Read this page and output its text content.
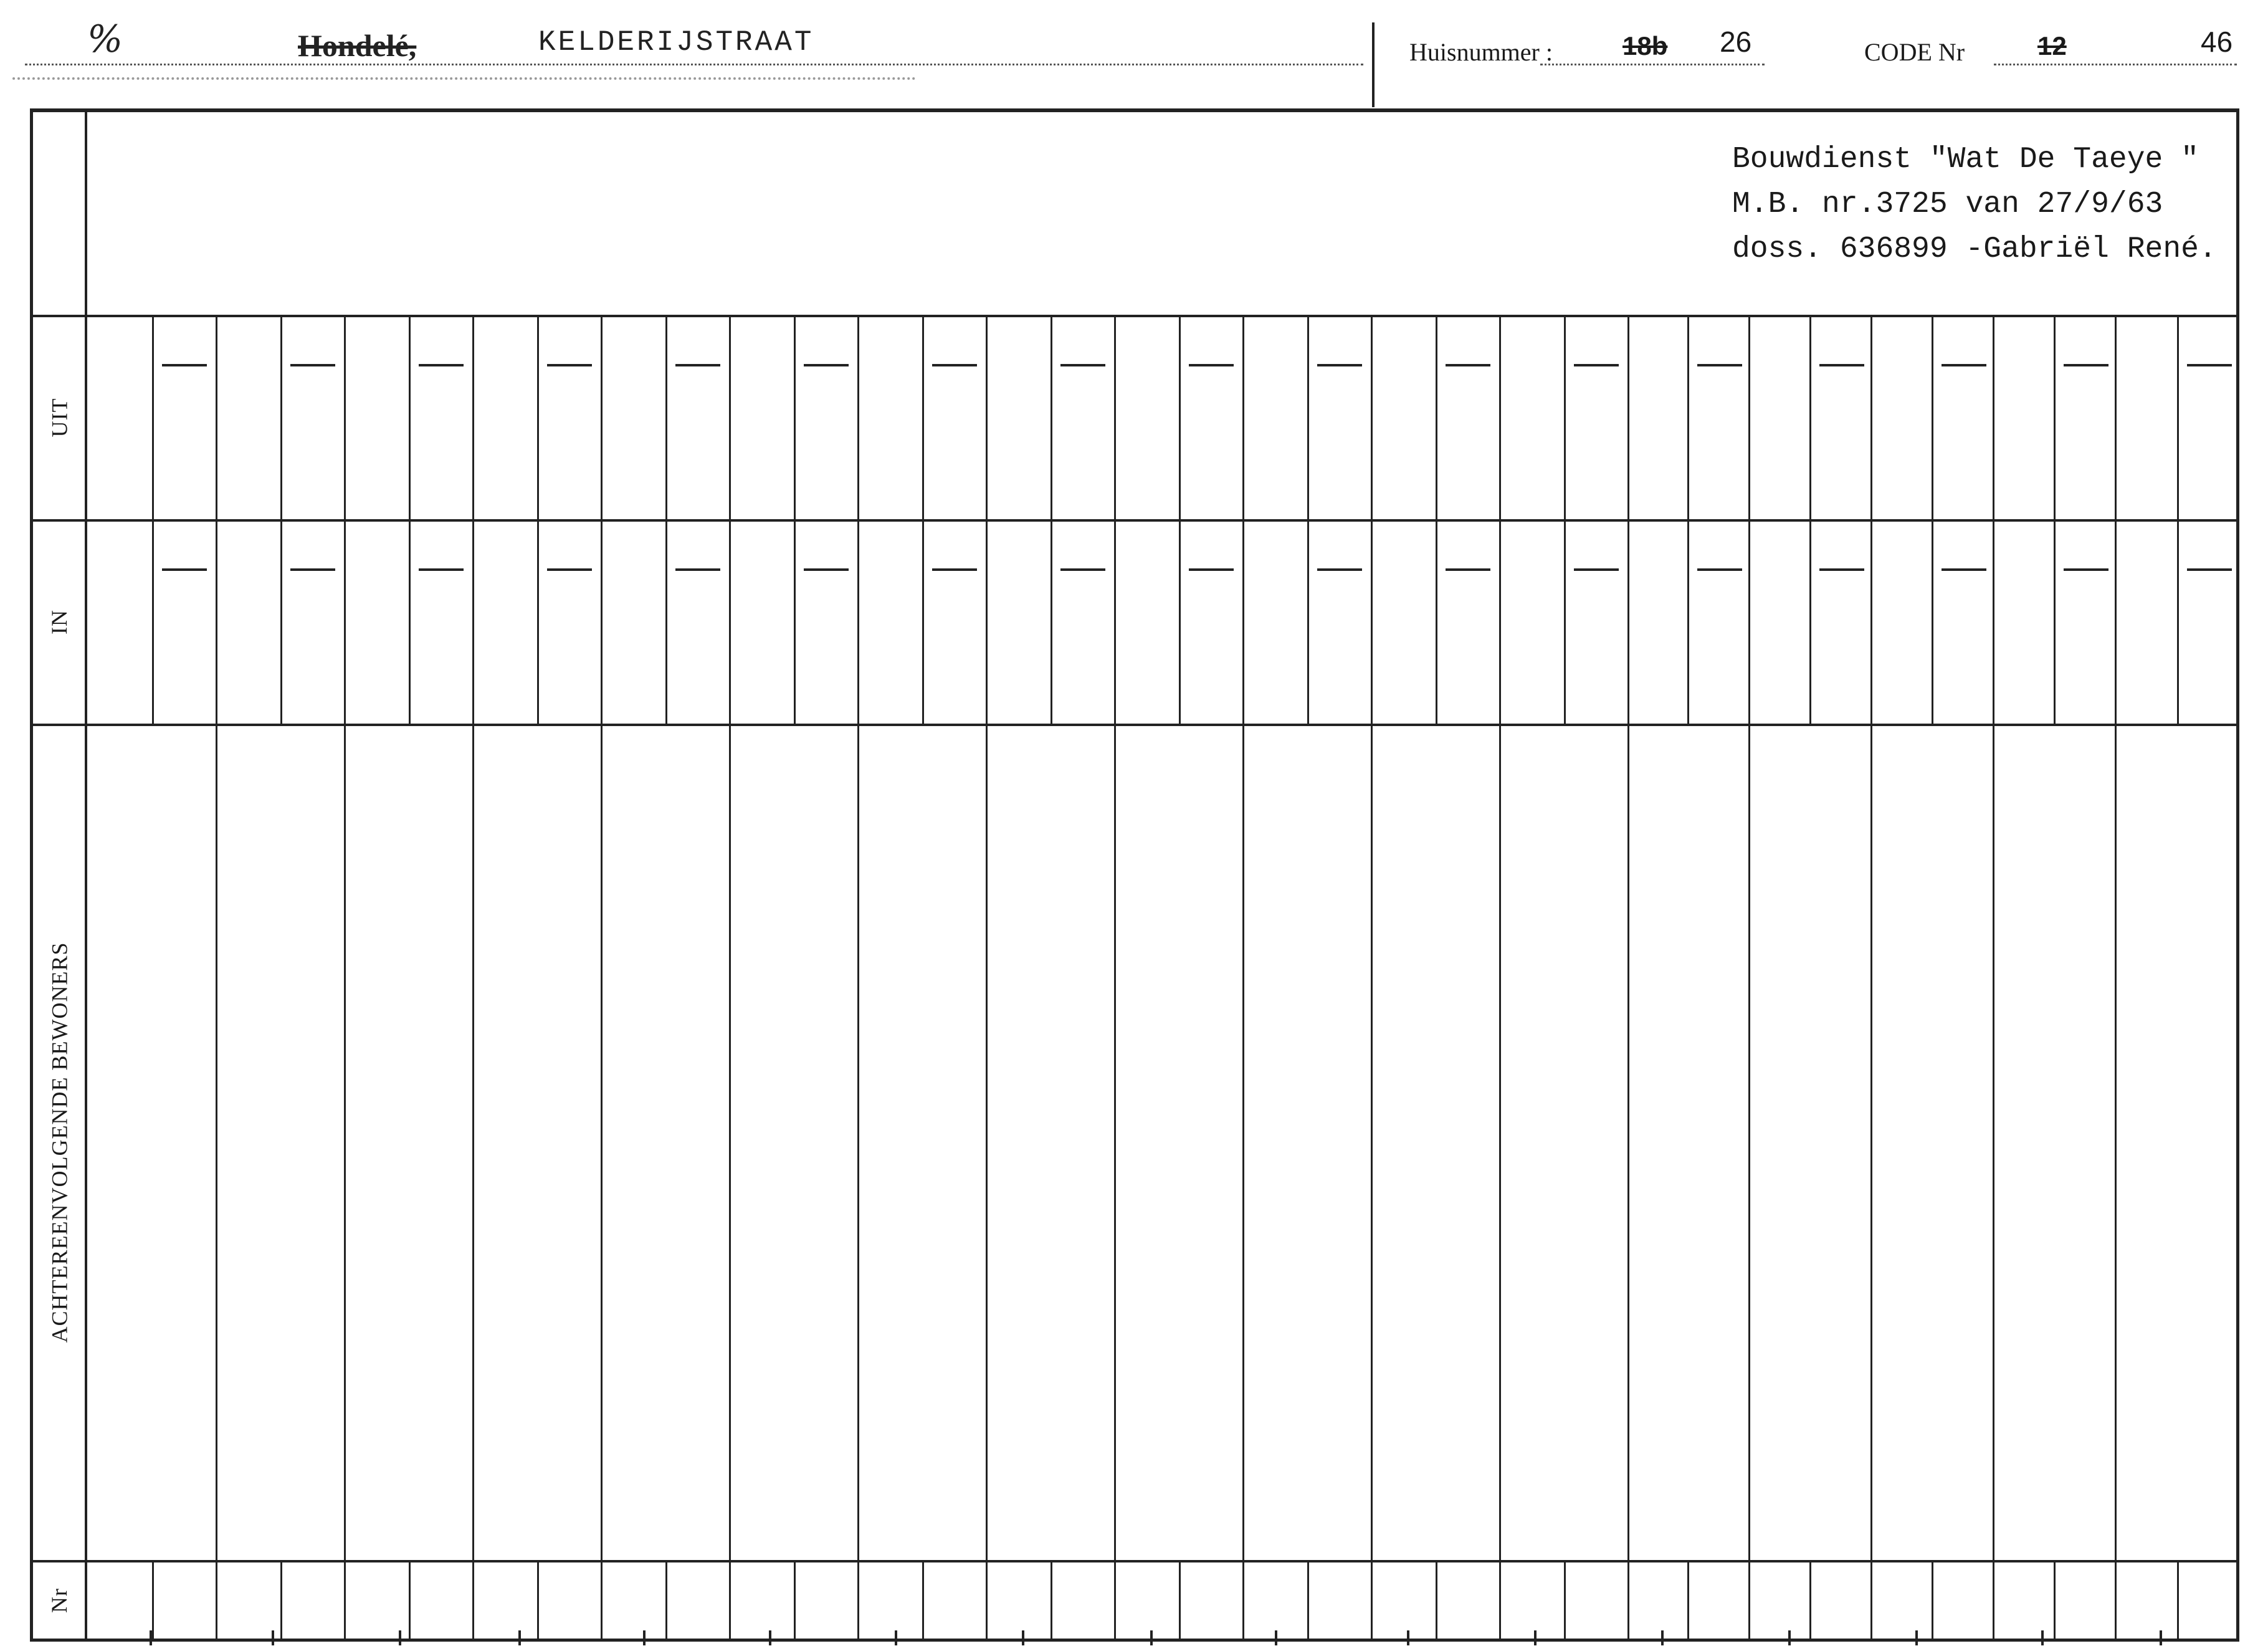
%	Hondelé,	KELDERIJSTRAAT	Huisnummer :	18b 26	CODE Nr	12	46
Bouwdienst "Wat De Taeye "
M.B. nr.3725 van 27/9/63
doss. 636899 -Gabriël René.
UIT
IN
ACHTEREENVOLGENDE BEWONERS
Nr
